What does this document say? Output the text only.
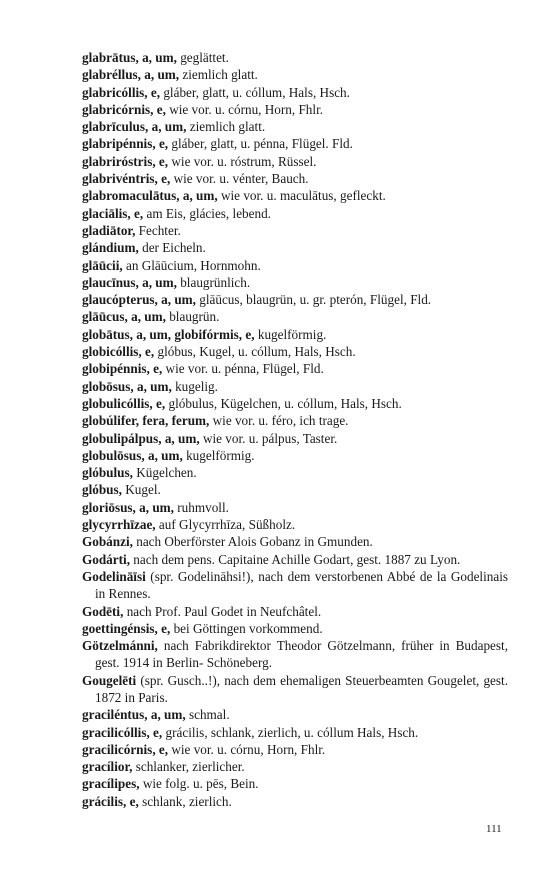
glabrātus, a, um, geglättet.
glabréllus, a, um, ziemlich glatt.
glabricóllis, e, gláber, glatt, u. cóllum, Hals, Hsch.
glabricórnis, e, wie vor. u. córnu, Horn, Fhlr.
glabrīculus, a, um, ziemlich glatt.
glabripénnis, e, gláber, glatt, u. pénna, Flügel. Fld.
glabriróstris, e, wie vor. u. róstrum, Rüssel.
glabrivéntris, e, wie vor. u. vénter, Bauch.
glabromaculātus, a, um, wie vor. u. maculātus, gefleckt.
glaciālis, e, am Eis, glácies, lebend.
gladiātor, Fechter.
glándium, der Eicheln.
glāūcii, an Glāūcium, Hornmohn.
glaucīnus, a, um, blaugrünlich.
glaucópterus, a, um, glāūcus, blaugrün, u. gr. pterón, Flügel, Fld.
glāūcus, a, um, blaugrün.
globātus, a, um, globifórmis, e, kugelförmig.
globicóllis, e, glóbus, Kugel, u. cóllum, Hals, Hsch.
globipénnis, e, wie vor. u. pénna, Flügel, Fld.
globōsus, a, um, kugelig.
globulicóllis, e, glóbulus, Kügelchen, u. cóllum, Hals, Hsch.
globúlifer, fera, ferum, wie vor. u. féro, ich trage.
globulipálpus, a, um, wie vor. u. pálpus, Taster.
globulōsus, a, um, kugelförmig.
glóbulus, Kügelchen.
glóbus, Kugel.
gloriōsus, a, um, ruhmvoll.
glycyrrhīzae, auf Glycyrrhīza, Süßholz.
Gobánzi, nach Oberförster Alois Gobanz in Gmunden.
Godárti, nach dem pens. Capitaine Achille Godart, gest. 1887 zu Lyon.
Godelināīsi (spr. Godelināhsi!), nach dem verstorbenen Abbé de la Godelinais in Rennes.
Godēti, nach Prof. Paul Godet in Neufchâtel.
goettingénsis, e, bei Göttingen vorkommend.
Götzelmánni, nach Fabrikdirektor Theodor Götzelmann, früher in Budapest, gest. 1914 in Berlin- Schöneberg.
Gougelēti (spr. Gusch..!), nach dem ehemaligen Steuerbeamten Gougelet, gest. 1872 in Paris.
graciléntus, a, um, schmal.
gracilicóllis, e, grácilis, schlank, zierlich, u. cóllum Hals, Hsch.
gracilicórnis, e, wie vor. u. córnu, Horn, Fhlr.
gracílior, schlanker, zierlicher.
gracílipes, wie folg. u. pēs, Bein.
grácilis, e, schlank, zierlich.
111
